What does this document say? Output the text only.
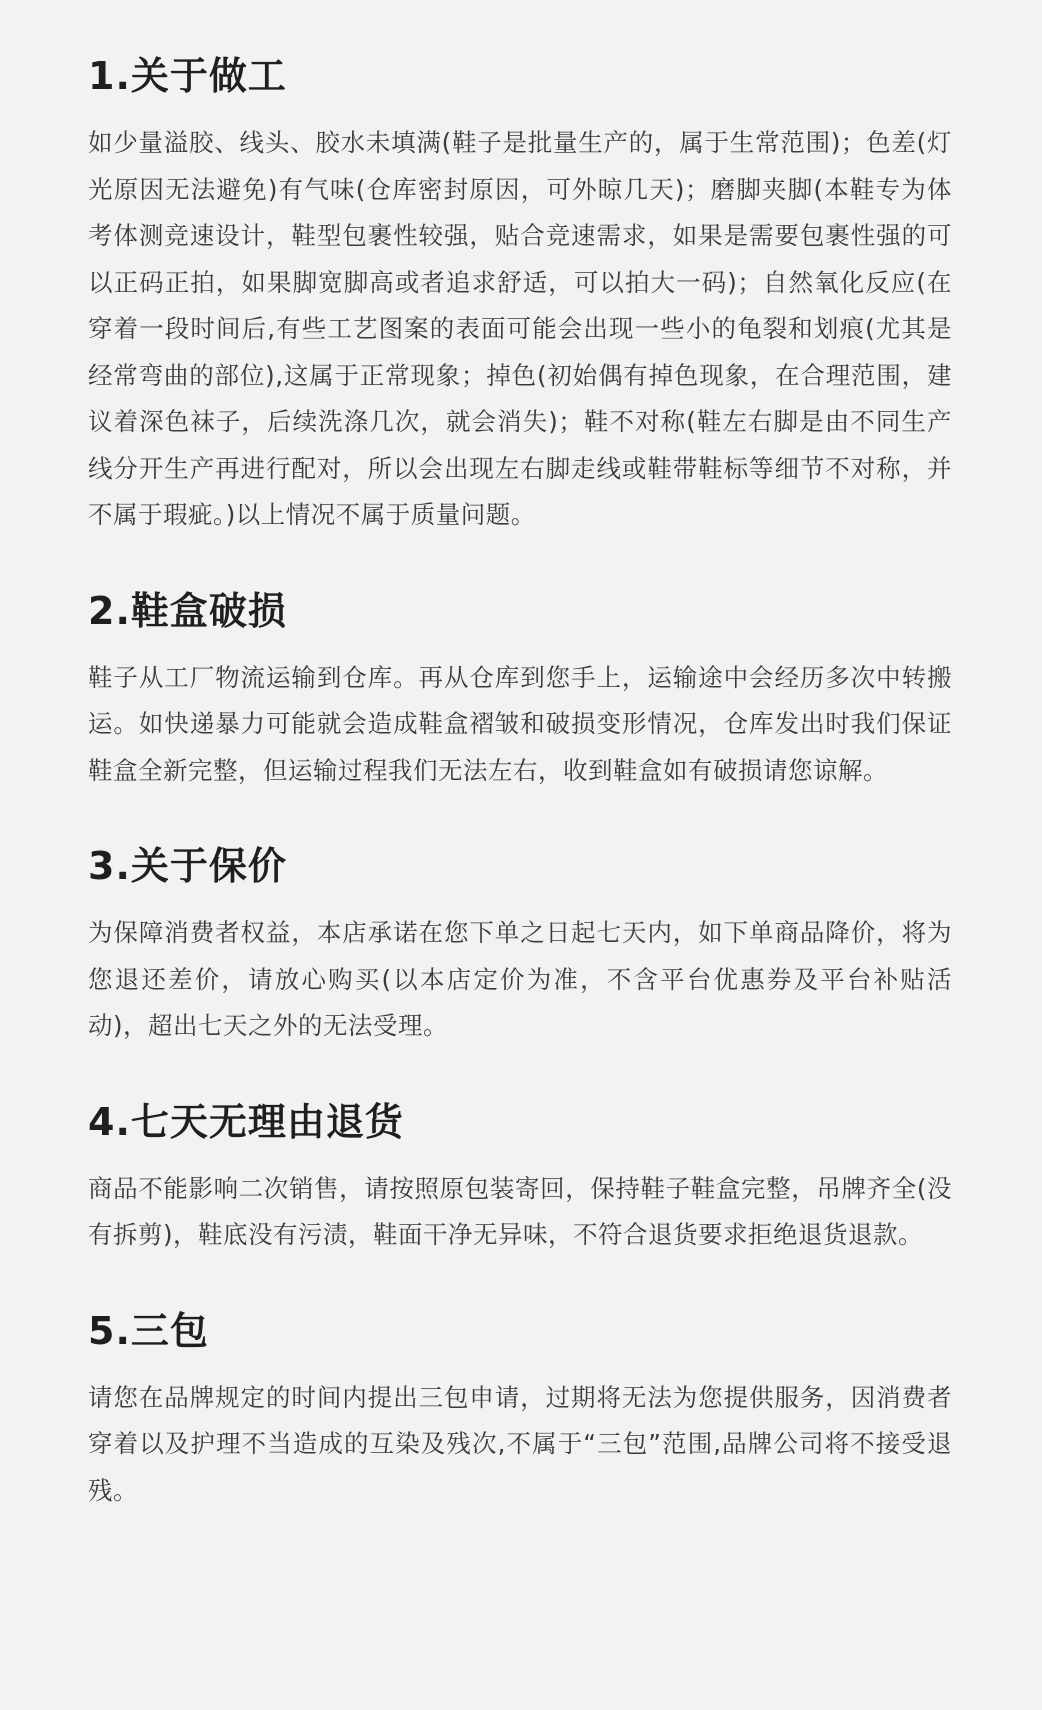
1.关于做工

如少量溢胶、线头、胶水未填满(鞋子是批量生产的，属于生常范围)；色差(灯光原因无法避免)有气味(仓库密封原因，可外晾几天)；磨脚夹脚(本鞋专为体考体测竞速设计，鞋型包裹性较强，贴合竞速需求，如果是需要包裹性强的可以正码正拍，如果脚宽脚高或者追求舒适，可以拍大一码)；自然氧化反应(在穿着一段时间后,有些工艺图案的表面可能会出现一些小的龟裂和划痕(尤其是经常弯曲的部位),这属于正常现象；掉色(初始偶有掉色现象，在合理范围，建议着深色袜子，后续洗涤几次，就会消失)；鞋不对称(鞋左右脚是由不同生产线分开生产再进行配对，所以会出现左右脚走线或鞋带鞋标等细节不对称，并不属于瑕疵。)以上情况不属于质量问题。

2.鞋盒破损

鞋子从工厂物流运输到仓库。再从仓库到您手上，运输途中会经历多次中转搬运。如快递暴力可能就会造成鞋盒褶皱和破损变形情况，仓库发出时我们保证鞋盒全新完整，但运输过程我们无法左右，收到鞋盒如有破损请您谅解。

3.关于保价

为保障消费者权益，本店承诺在您下单之日起七天内，如下单商品降价，将为您退还差价，请放心购买(以本店定价为准，不含平台优惠券及平台补贴活动)，超出七天之外的无法受理。

4.七天无理由退货

商品不能影响二次销售，请按照原包装寄回，保持鞋子鞋盒完整，吊牌齐全(没有拆剪)，鞋底没有污渍，鞋面干净无异味，不符合退货要求拒绝退货退款。

5.三包

请您在品牌规定的时间内提出三包申请，过期将无法为您提供服务，因消费者穿着以及护理不当造成的互染及残次,不属于“三包”范围,品牌公司将不接受退残。
